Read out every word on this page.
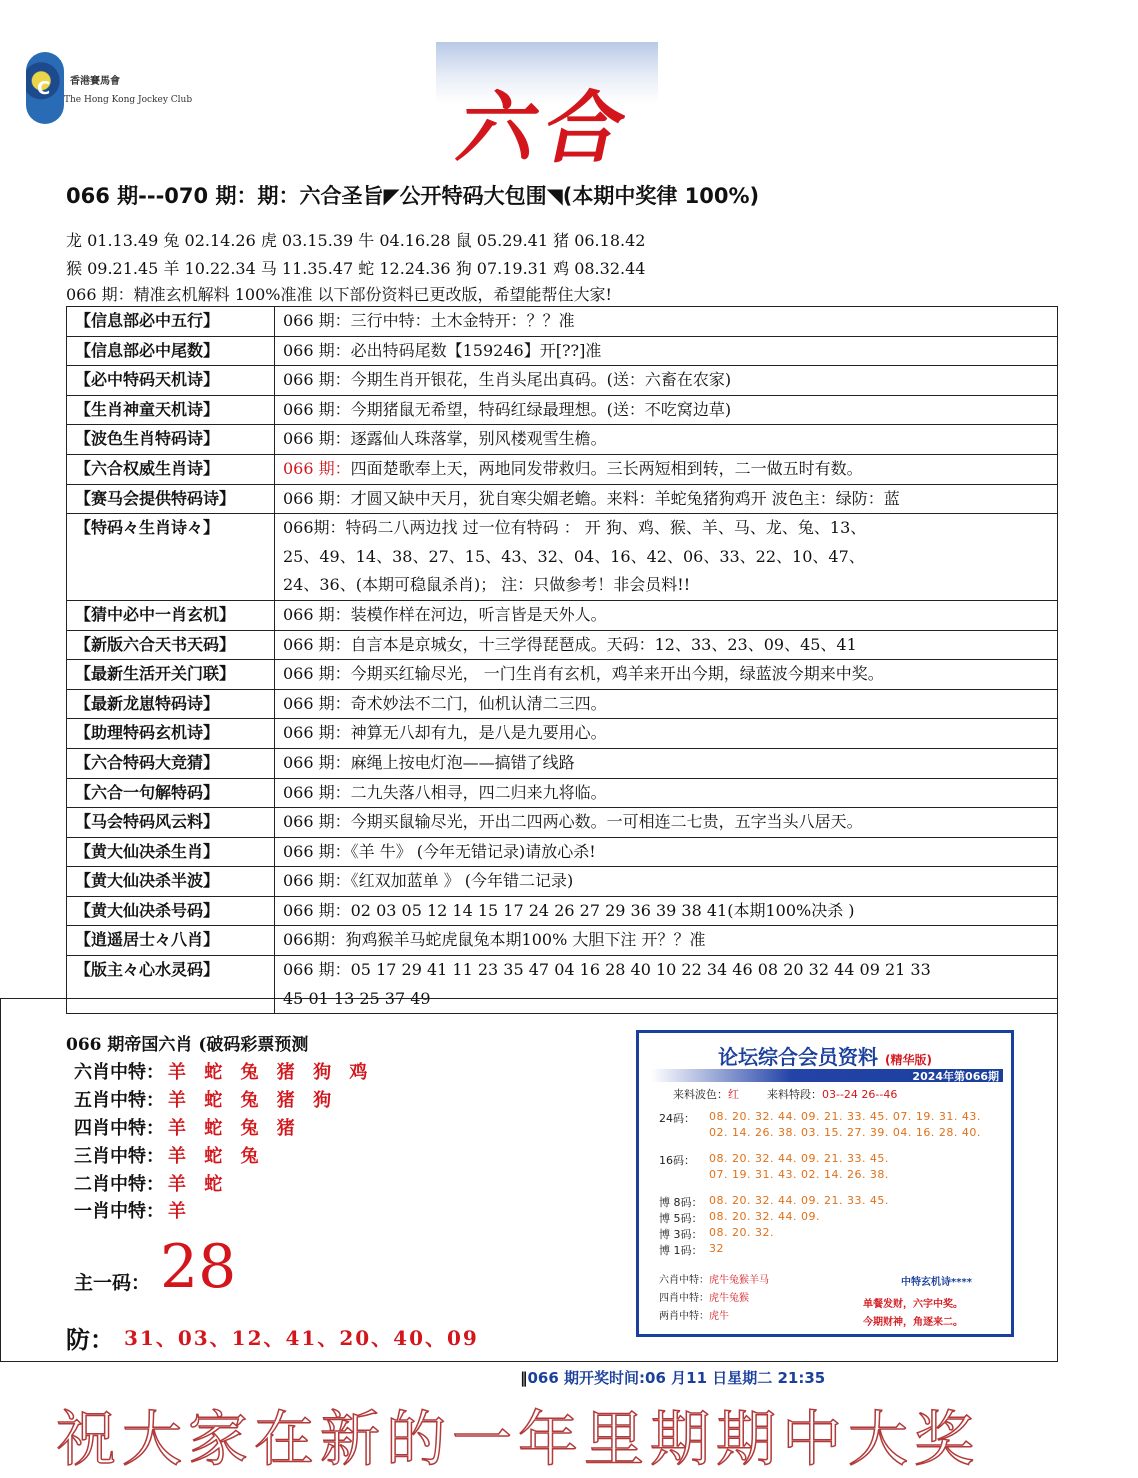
C 香港賽馬會
The Hong Kong Jockey Club	六合
066 期---070 期：期：六合圣旨◤公开特码大包围◥(本期中奖律 100%)
龙 01.13.49 兔 02.14.26 虎 03.15.39 牛 04.16.28 鼠 05.29.41 猪 06.18.42
猴 09.21.45 羊 10.22.34 马 11.35.47 蛇 12.24.36 狗 07.19.31 鸡 08.32.44
066 期：精准玄机解料 100%准准 以下部份资料已更改版，希望能帮住大家!
【信息部必中五行】	066 期：三行中特：土木金特开：？？准
【信息部必中尾数】	066 期：必出特码尾数【159246】开[??]准
【必中特码天机诗】	066 期：今期生肖开银花，生肖头尾出真码。(送：六畜在农家)
【生肖神童天机诗】	066 期：今期猪鼠无希望，特码红绿最理想。(送：不吃窝边草)
【波色生肖特码诗】	066 期：逐露仙人珠落掌，别风楼观雪生檐。
【六合权威生肖诗】	066 期：四面楚歌奉上天，两地同发带救归。三长两短相到转，二一做五时有数。
【赛马会提供特码诗】	066 期：才圆又缺中天月，犹自寒尖媚老蟾。来料：羊蛇兔猪狗鸡开 波色主：绿防：蓝
【特码々生肖诗々】	066期：特码二八两边找 过一位有特码 ： 开 狗、鸡、猴、羊、马、龙、兔、13、
25、49、14、38、27、15、43、32、04、16、42、06、33、22、10、47、
24、36、(本期可稳鼠杀肖)； 注：只做参考！非会员料!!

【猜中必中一肖玄机】	066 期：装模作样在河边，听言皆是天外人。
【新版六合天书天码】	066 期：自言本是京城女，十三学得琵琶成。天码：12、33、23、09、45、41
【最新生活开关门联】	066 期：今期买红输尽光， 一门生肖有玄机，鸡羊来开出今期，绿蓝波今期来中奖。
【最新龙崽特码诗】	066 期：奇术妙法不二门，仙机认清二三四。
【助理特码玄机诗】	066 期：神算无八却有九，是八是九要用心。
【六合特码大竞猜】	066 期：麻绳上按电灯泡——搞错了线路
【六合一句解特码】	066 期：二九失落八相寻，四二归来九将临。
【马会特码风云料】	066 期：今期买鼠输尽光，开出二四两心数。一可相连二七贵，五字当头八居天。
【黄大仙决杀生肖】	066 期：《羊 牛》 (今年无错记录)请放心杀!
【黄大仙决杀半波】	066 期：《红双加蓝单 》 (今年错二记录)
【黄大仙决杀号码】	066 期：02 03 05 12 14 15 17 24 26 27 29 36 39 38 41(本期100%决杀 )
【逍遥居士々八肖】	066期：狗鸡猴羊马蛇虎鼠兔本期100% 大胆下注 开？？准
【版主々心水灵码】	066 期：05 17 29 41 11 23 35 47 04 16 28 40 10 22 34 46 08 20 32 44 09 21 33
45 01 13 25 37 49
066 期帝国六肖 (破码彩票预测
六肖中特： 羊 蛇 兔 猪 狗 鸡
五肖中特： 羊 蛇 兔 猪 狗
四肖中特： 羊 蛇 兔 猪
三肖中特： 羊 蛇 兔
二肖中特： 羊 蛇
一肖中特： 羊
主一码： 28
防： 31、03、12、41、20、40、09
论坛综合会员资料 (精华版)
2024年第066期
来料波色：红	来料特段：03--24 26--46
24码： 08. 20. 32. 44. 09. 21. 33. 45. 07. 19. 31. 43.
02. 14. 26. 38. 03. 15. 27. 39. 04. 16. 28. 40.
16码： 08. 20. 32. 44. 09. 21. 33. 45.
07. 19. 31. 43. 02. 14. 26. 38.
博 8码： 08. 20. 32. 44. 09. 21. 33. 45.
博 5码： 08. 20. 32. 44. 09.
博 3码： 08. 20. 32.
博 1码： 32
六肖中特：虎牛兔猴羊马
四肖中特：虎牛兔猴
两肖中特：虎牛
中特玄机诗****
单餐发财，六字中奖。
今期财神，角逐来二。
‖066 期开奖时间:06 月11 日星期二 21:35
祝大家在新的一年里期期中大奖
